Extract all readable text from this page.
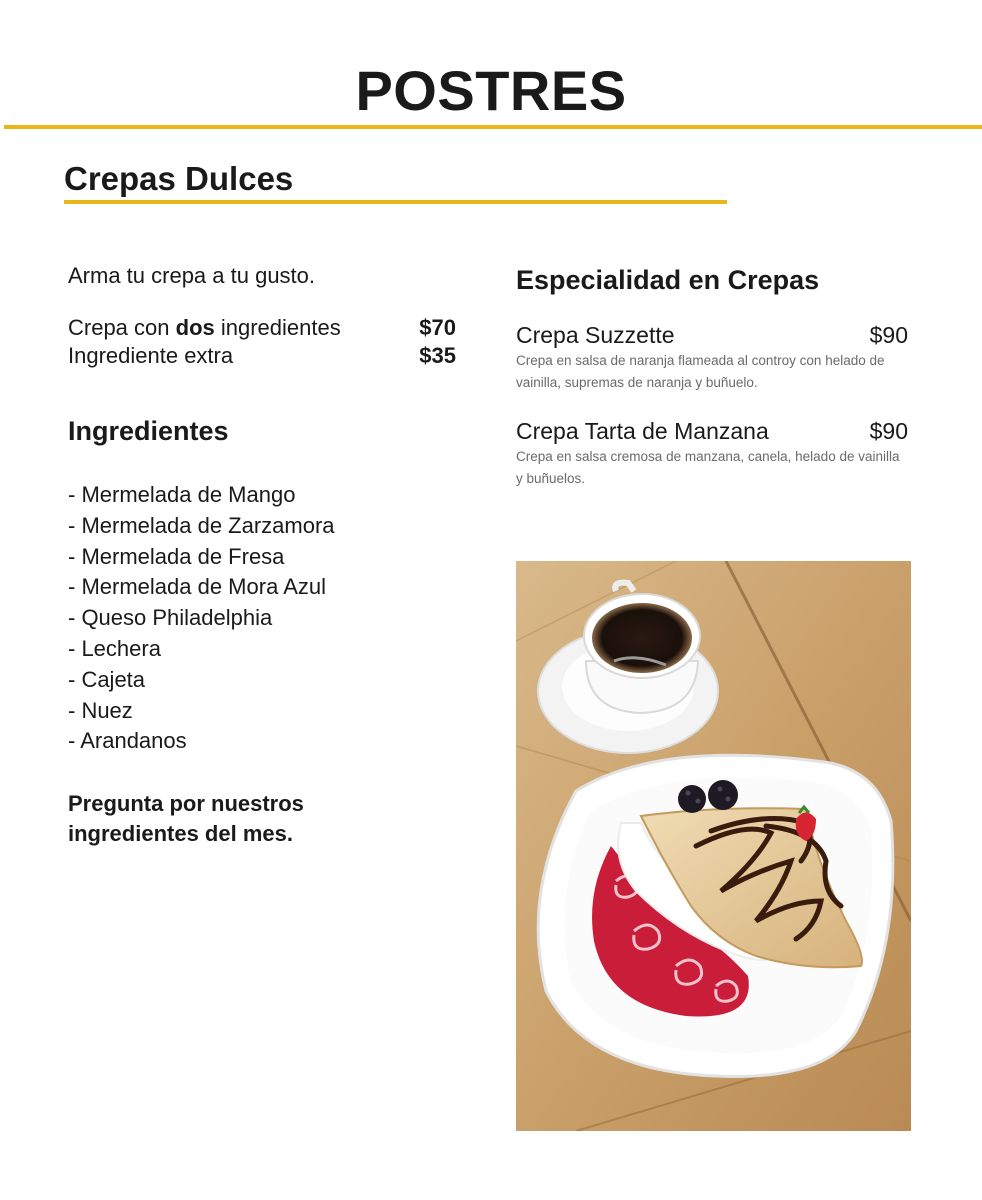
POSTRES
Crepas Dulces

Arma tu crepa a tu gusto.

Crepa con dos ingredientes	$70
Ingrediente extra	$35
Ingredientes
- Mermelada de Mango
- Mermelada de Zarzamora
- Mermelada de Fresa
- Mermelada de Mora Azul
- Queso Philadelphia
- Lechera
- Cajeta
- Nuez
- Arandanos
Pregunta por nuestros ingredientes del mes.
Especialidad en Crepas
Crepa Suzzette	$90
Crepa en salsa de naranja flameada al controy con helado de vainilla, supremas de naranja y buñuelo.
Crepa Tarta de Manzana	$90
Crepa en salsa cremosa de manzana, canela, helado de vainilla y buñuelos.
